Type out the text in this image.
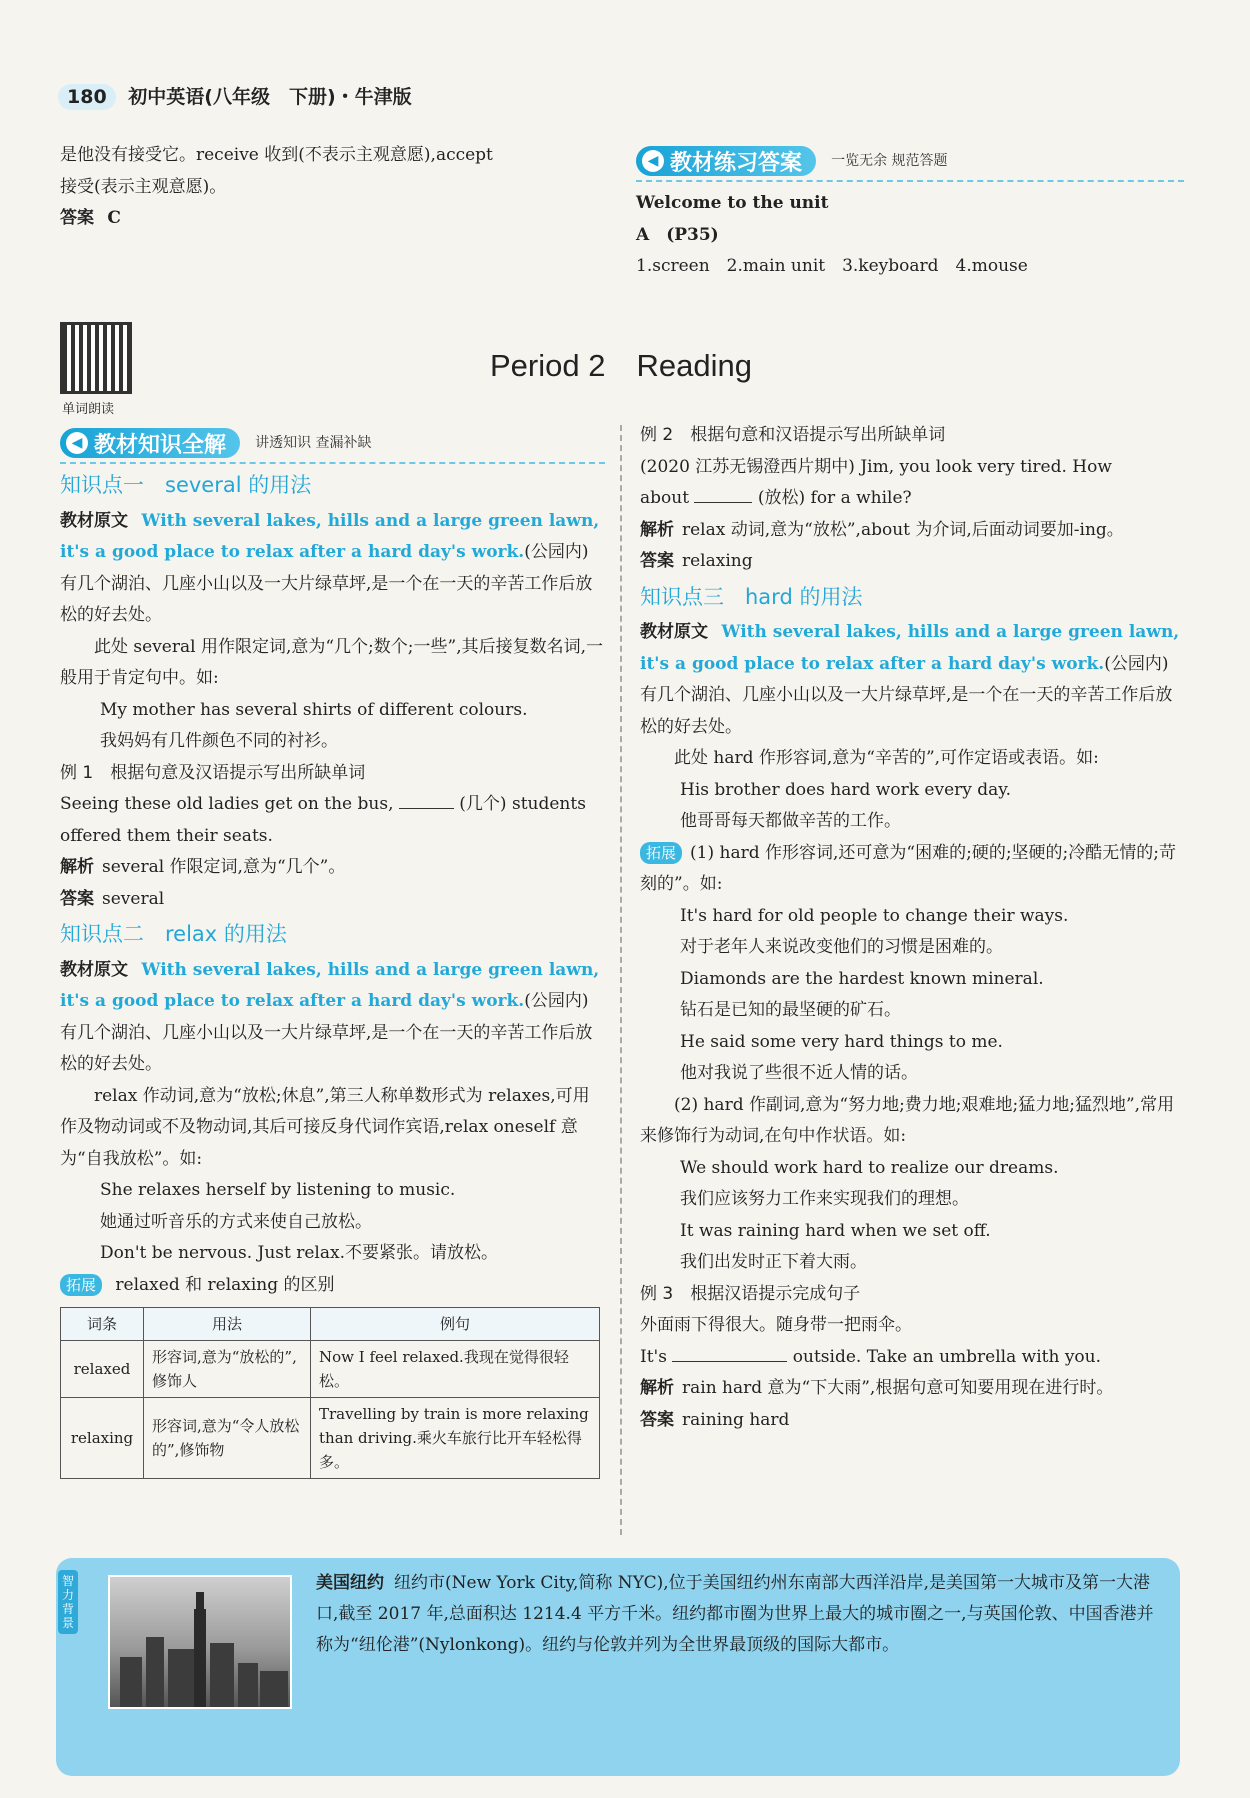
180 初中英语(八年级　下册)・牛津版
是他没有接受它。receive 收到(不表示主观意愿),accept
接受(表示主观意愿)。
答案 C
◀ 教材练习答案 一览无余 规范答题
Welcome to the unit
A　(P35)
1.screen　2.main unit　3.keyboard　4.mouse
单词朗读
Period 2　Reading
◀ 教材知识全解 讲透知识 查漏补缺
知识点一　several 的用法
教材原文 With several lakes, hills and a large green lawn, it's a good place to relax after a hard day's work.(公园内)有几个湖泊、几座小山以及一大片绿草坪,是一个在一天的辛苦工作后放松的好去处。
此处 several 用作限定词,意为“几个;数个;一些”,其后接复数名词,一般用于肯定句中。如:
My mother has several shirts of different colours.
我妈妈有几件颜色不同的衬衫。
例 1　根据句意及汉语提示写出所缺单词
Seeing these old ladies get on the bus,	(几个) students
offered them their seats.
解析 several 作限定词,意为“几个”。
答案 several
知识点二　relax 的用法
教材原文 With several lakes, hills and a large green lawn, it's a good place to relax after a hard day's work.(公园内)有几个湖泊、几座小山以及一大片绿草坪,是一个在一天的辛苦工作后放松的好去处。
relax 作动词,意为“放松;休息”,第三人称单数形式为 relaxes,可用作及物动词或不及物动词,其后可接反身代词作宾语,relax oneself 意为“自我放松”。如:
She relaxes herself by listening to music.
她通过听音乐的方式来使自己放松。
Don't be nervous. Just relax.不要紧张。请放松。
拓展 relaxed 和 relaxing 的区别
词条	用法	例句
relaxed	形容词,意为“放松的”,修饰人	Now I feel relaxed.我现在觉得很轻松。
relaxing	形容词,意为“令人放松的”,修饰物	Travelling by train is more relaxing than driving.乘火车旅行比开车轻松得多。
例 2　根据句意和汉语提示写出所缺单词
(2020 江苏无锡澄西片期中) Jim, you look very tired. How
about	(放松) for a while?
解析 relax 动词,意为“放松”,about 为介词,后面动词要加-ing。
答案 relaxing
知识点三　hard 的用法
教材原文 With several lakes, hills and a large green lawn, it's a good place to relax after a hard day's work.(公园内)有几个湖泊、几座小山以及一大片绿草坪,是一个在一天的辛苦工作后放松的好去处。
此处 hard 作形容词,意为“辛苦的”,可作定语或表语。如:
His brother does hard work every day.
他哥哥每天都做辛苦的工作。
拓展 (1) hard 作形容词,还可意为“困难的;硬的;坚硬的;冷酷无情的;苛刻的”。如:
It's hard for old people to change their ways.
对于老年人来说改变他们的习惯是困难的。
Diamonds are the hardest known mineral.
钻石是已知的最坚硬的矿石。
He said some very hard things to me.
他对我说了些很不近人情的话。
(2) hard 作副词,意为“努力地;费力地;艰难地;猛力地;猛烈地”,常用来修饰行为动词,在句中作状语。如:
We should work hard to realize our dreams.
我们应该努力工作来实现我们的理想。
It was raining hard when we set off.
我们出发时正下着大雨。
例 3　根据汉语提示完成句子
外面雨下得很大。随身带一把雨伞。
It's	outside. Take an umbrella with you.
解析 rain hard 意为“下大雨”,根据句意可知要用现在进行时。
答案 raining hard
智力背景
美国纽约 纽约市(New York City,简称 NYC),位于美国纽约州东南部大西洋沿岸,是美国第一大城市及第一大港口,截至 2017 年,总面积达 1214.4 平方千米。纽约都市圈为世界上最大的城市圈之一,与英国伦敦、中国香港并称为“纽伦港”(Nylonkong)。纽约与伦敦并列为全世界最顶级的国际大都市。
